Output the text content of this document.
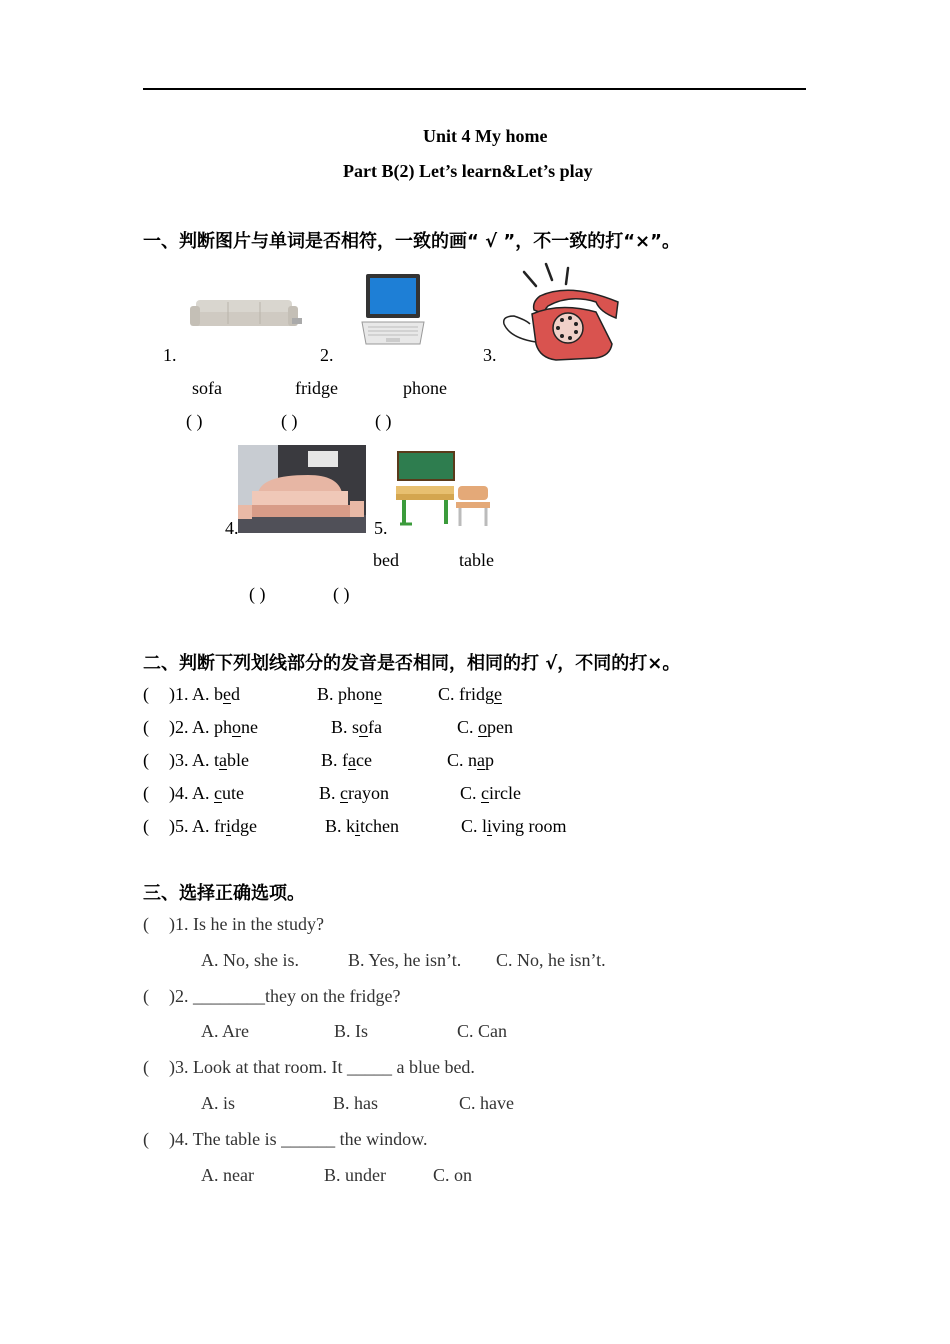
Unit 4 My home
Part B(2) Let’s learn&Let’s play
一、判断图片与单词是否相符，一致的画“ √ ”，不一致的打“×”。
1.	2.	3.
sofa	fridge	phone
( )	( )	( )
4.	5.
bed	table
( )	( )
二、判断下列划线部分的发音是否相同，相同的打 √，不同的打×。
( )1. A. bed	B. phone	C. fridge
( )2. A. phone	B. sofa	C. open
( )3. A. table	B. face	C. nap
( )4. A. cute	B. crayon	C. circle
( )5. A. fridge	B. kitchen	C. living room
三、选择正确选项。
( )1. Is he in the study?
A. No, she is.	B. Yes, he isn’t. C. No, he isn’t.
( )2. ________they on the fridge?
A. Are	B. Is	C. Can
( )3. Look at that room. It _____ a blue bed.
A. is	B. has	C. have
( )4. The table is ______ the window.
A. near	B. under	C. on
